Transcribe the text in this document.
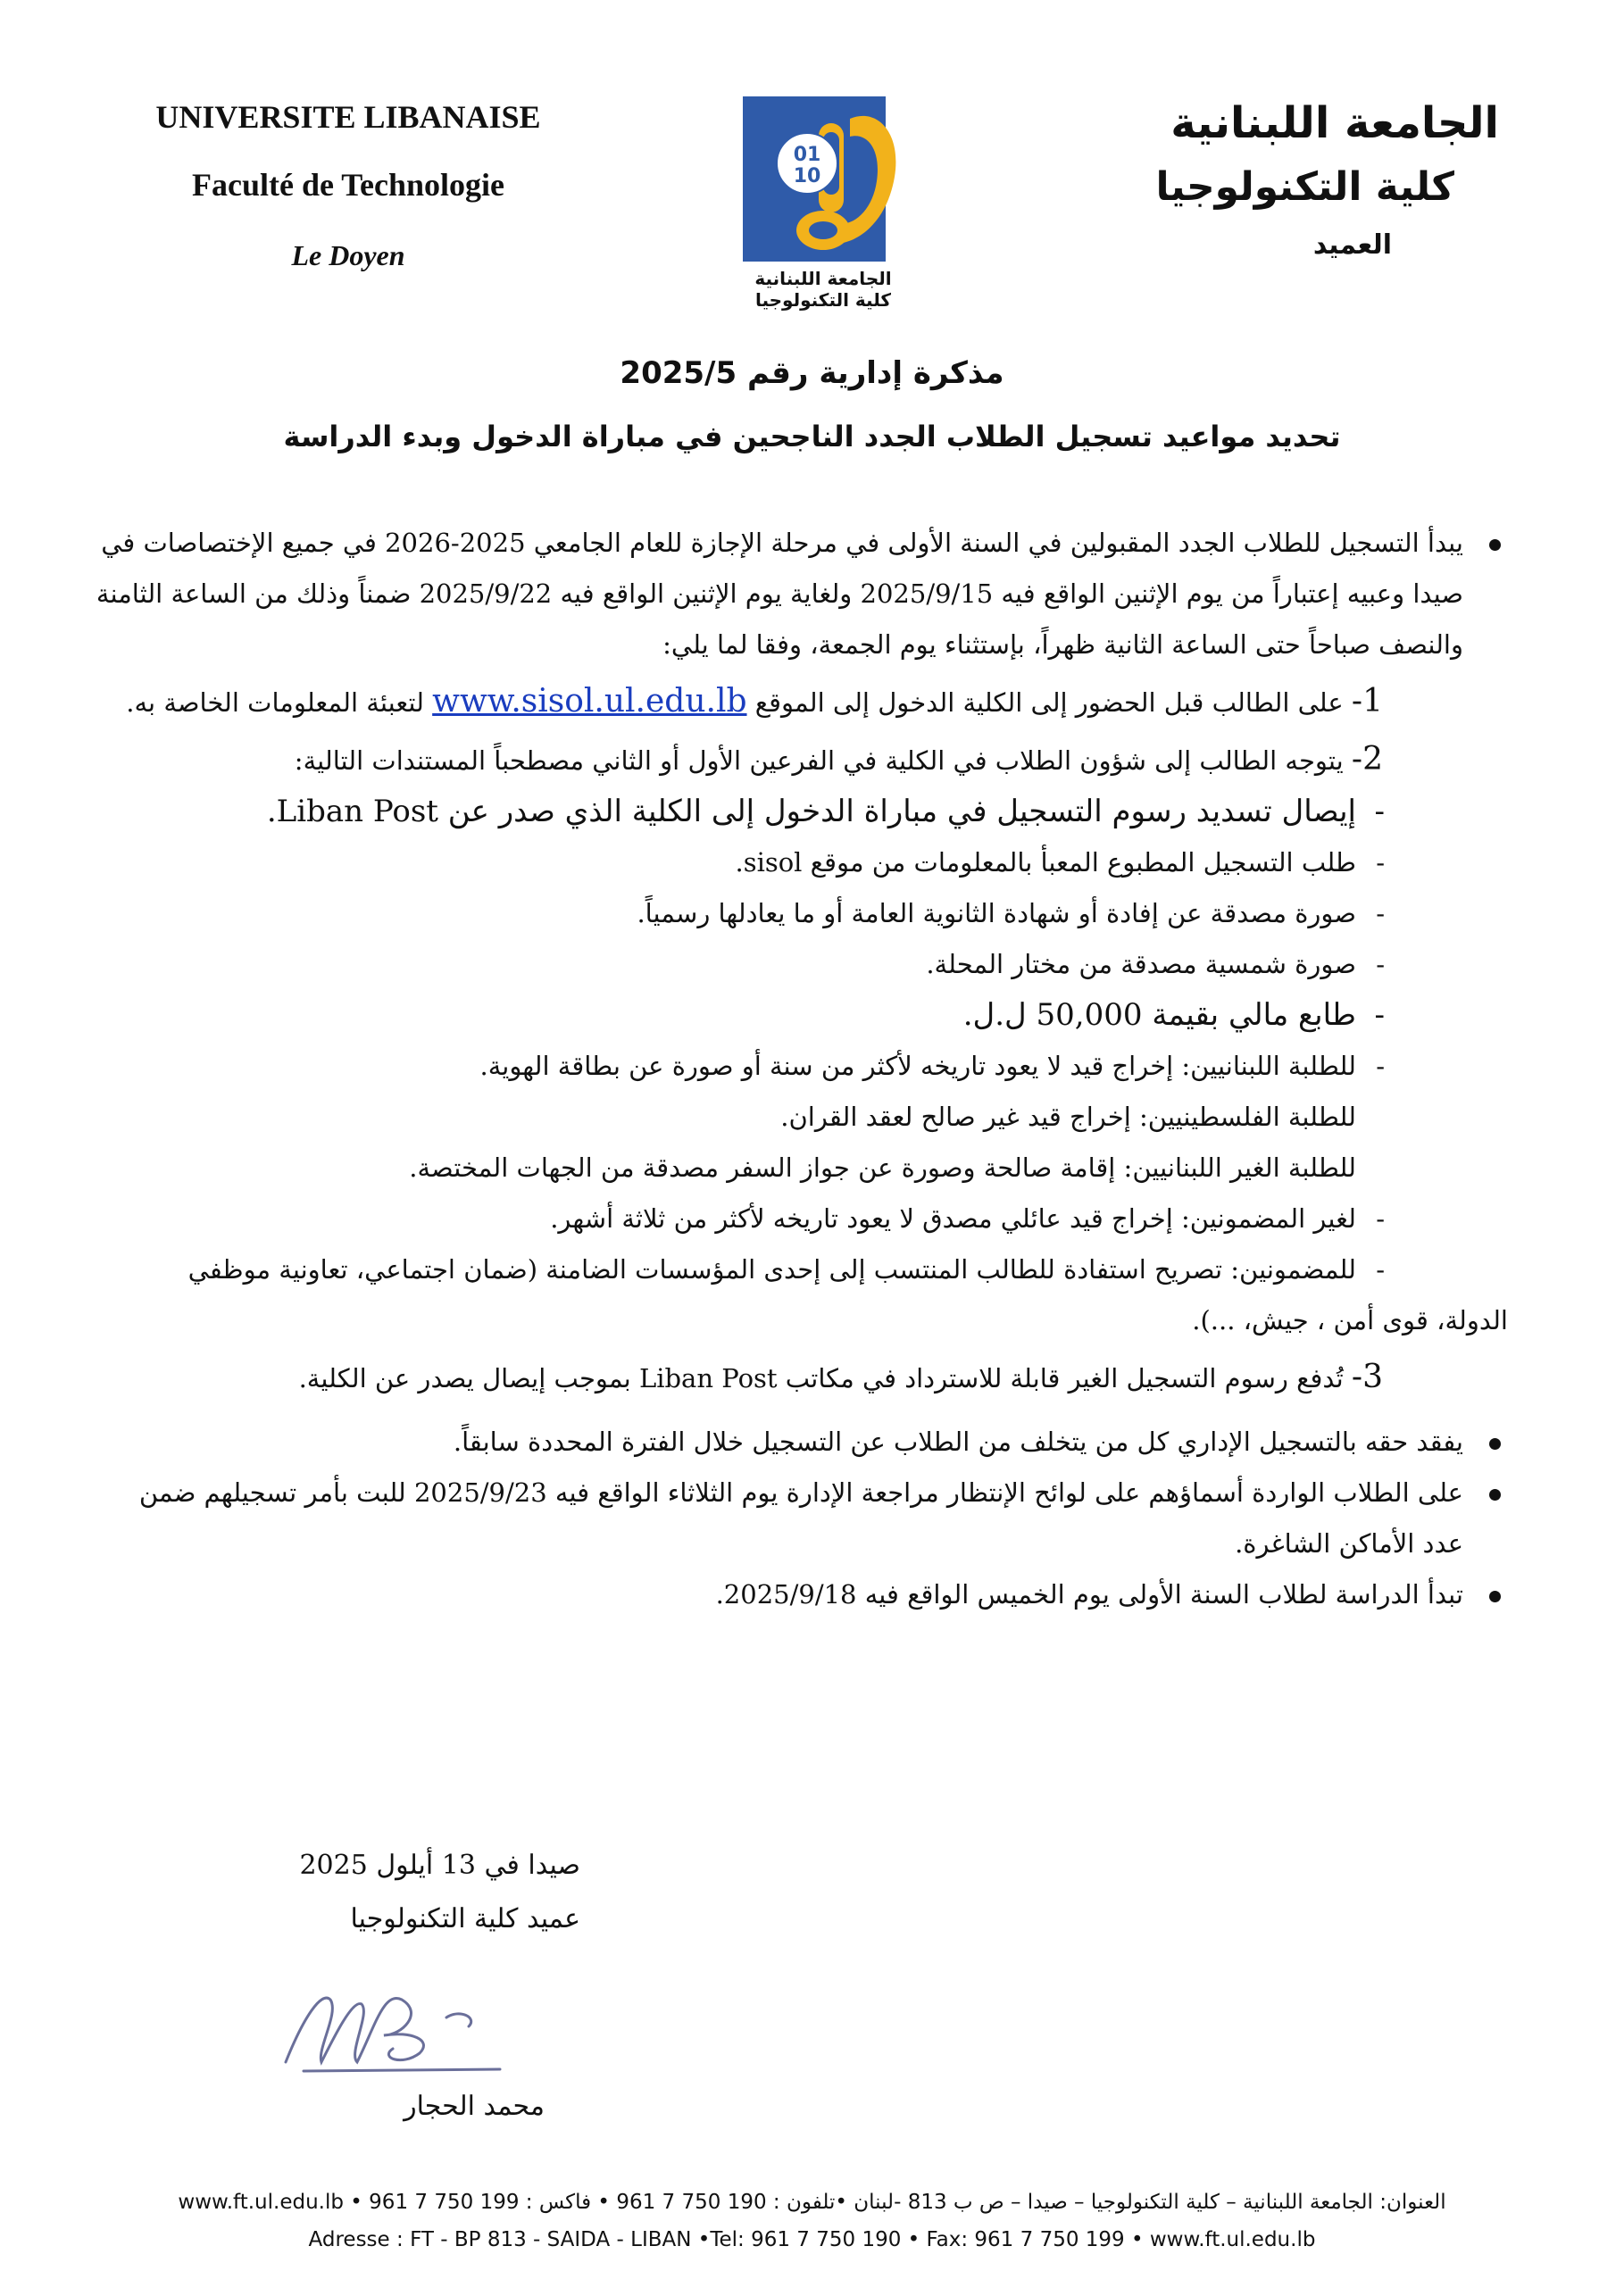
UNIVERSITE LIBANAISE
Faculté de Technologie
Le Doyen
01
10
الجامعة اللبنانية
كلية التكنولوجيا
الجامعة اللبنانية
كلية التكنولوجيا
العميد
مذكرة إدارية رقم 2025/5
تحديد مواعيد تسجيل الطلاب الجدد الناجحين في مباراة الدخول وبدء الدراسة
يبدأ التسجيل للطلاب الجدد المقبولين في السنة الأولى في مرحلة الإجازة للعام الجامعي 2025-2026 في جميع الإختصاصات في
صيدا وعبيه إعتباراً من يوم الإثنين الواقع فيه 2025/9/15 ولغاية يوم الإثنين الواقع فيه 2025/9/22 ضمناً وذلك من الساعة الثامنة
والنصف صباحاً حتى الساعة الثانية ظهراً، بإستثناء يوم الجمعة، وفقا لما يلي:
1- على الطالب قبل الحضور إلى الكلية الدخول إلى الموقع www.sisol.ul.edu.lb لتعبئة المعلومات الخاصة به.
2- يتوجه الطالب إلى شؤون الطلاب في الكلية في الفرعين الأول أو الثاني مصطحباً المستندات التالية:
- إيصال تسديد رسوم التسجيل في مباراة الدخول إلى الكلية الذي صدر عن Liban Post.
- طلب التسجيل المطبوع المعبأ بالمعلومات من موقع sisol.
- صورة مصدقة عن إفادة أو شهادة الثانوية العامة أو ما يعادلها رسمياً.
- صورة شمسية مصدقة من مختار المحلة.
- طابع مالي بقيمة 50,000 ل.ل.
- للطلبة اللبنانيين: إخراج قيد لا يعود تاريخه لأكثر من سنة أو صورة عن بطاقة الهوية.
للطلبة الفلسطينيين: إخراج قيد غير صالح لعقد القران.
للطلبة الغير اللبنانيين: إقامة صالحة وصورة عن جواز السفر مصدقة من الجهات المختصة.
- لغير المضمونين: إخراج قيد عائلي مصدق لا يعود تاريخه لأكثر من ثلاثة أشهر.
- للمضمونين: تصريح استفادة للطالب المنتسب إلى إحدى المؤسسات الضامنة (ضمان اجتماعي، تعاونية موظفي
الدولة، قوى أمن ، جيش، ...).
3- تُدفع رسوم التسجيل الغير قابلة للاسترداد في مكاتب Liban Post بموجب إيصال يصدر عن الكلية.
يفقد حقه بالتسجيل الإداري كل من يتخلف من الطلاب عن التسجيل خلال الفترة المحددة سابقاً.
على الطلاب الواردة أسماؤهم على لوائح الإنتظار مراجعة الإدارة يوم الثلاثاء الواقع فيه 2025/9/23 للبت بأمر تسجيلهم ضمن
عدد الأماكن الشاغرة.
تبدأ الدراسة لطلاب السنة الأولى يوم الخميس الواقع فيه 2025/9/18.
صيدا في 13 أيلول 2025
عميد كلية التكنولوجيا
محمد الحجار
العنوان: الجامعة اللبنانية – كلية التكنولوجيا – صيدا – ص ب 813 -لبنان •تلفون : 190 750 7 961 • فاكس : 199 750 7 961 • www.ft.ul.edu.lb
Adresse : FT - BP 813 - SAIDA - LIBAN •Tel: 961 7 750 190 • Fax: 961 7 750 199 • www.ft.ul.edu.lb
